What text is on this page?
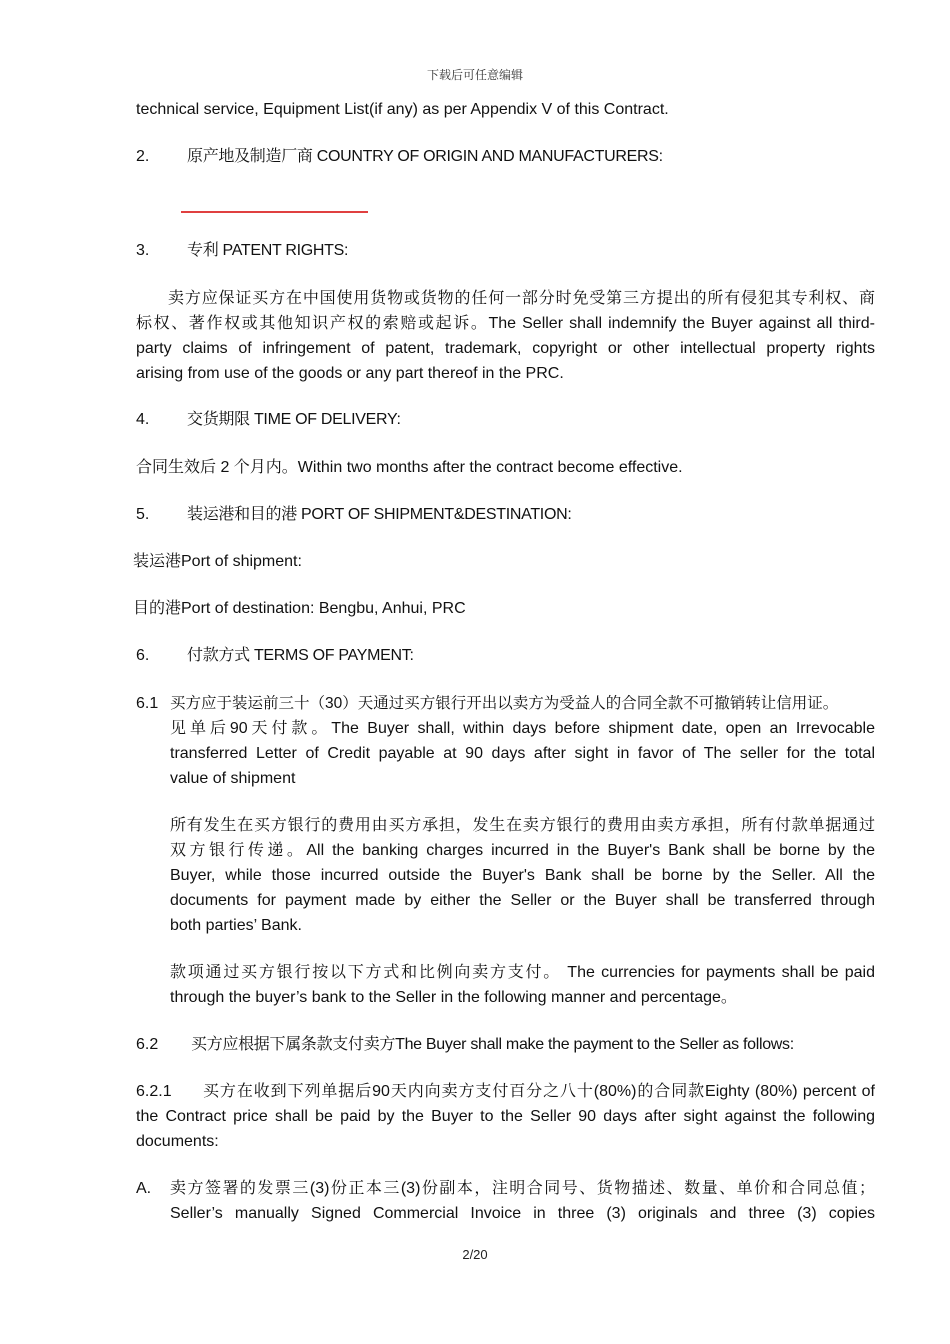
下载后可任意编辑
technical service, Equipment List(if any) as per Appendix V of this Contract.
2. 原产地及制造厂商 COUNTRY OF ORIGIN AND MANUFACTURERS:
3. 专利 PATENT RIGHTS:
卖方应保证买方在中国使用货物或货物的任何一部分时免受第三方提出的所有侵犯其专利权、商
标权、著作权或其他知识产权的索赔或起诉。The Seller shall indemnify the Buyer against all third-
party claims of infringement of patent, trademark, copyright or other intellectual property rights
arising from use of the goods or any part thereof in the PRC.
4. 交货期限 TIME OF DELIVERY:
合同生效后 2 个月内。Within two months after the contract become effective.
5. 装运港和目的港 PORT OF SHIPMENT&DESTINATION:
装运港Port of shipment:
目的港Port of destination: Bengbu, Anhui, PRC
6. 付款方式 TERMS OF PAYMENT:
6.1 买方应于装运前三十（30）天通过买方银行开出以卖方为受益人的合同全款不可撤销转让信用证。
见单后90天付款。The Buyer shall, within days before shipment date, open an Irrevocable
transferred Letter of Credit payable at 90 days after sight in favor of The seller for the total
value of shipment
所有发生在买方银行的费用由买方承担，发生在卖方银行的费用由卖方承担，所有付款单据通过
双方银行传递。All the banking charges incurred in the Buyer's Bank shall be borne by the
Buyer, while those incurred outside the Buyer's Bank shall be borne by the Seller. All the
documents for payment made by either the Seller or the Buyer shall be transferred through
both parties’ Bank.
款项通过买方银行按以下方式和比例向卖方支付。 The currencies for payments shall be paid
through the buyer’s bank to the Seller in the following manner and percentage。
6.2 买方应根据下属条款支付卖方The Buyer shall make the payment to the Seller as follows:
6.2.1 买方在收到下列单据后90天内向卖方支付百分之八十(80%)的合同款Eighty (80%) percent of
the Contract price shall be paid by the Buyer to the Seller 90 days after sight against the following
documents:
A. 卖方签署的发票三(3)份正本三(3)份副本，注明合同号、货物描述、数量、单价和合同总值；
Seller’s manually Signed Commercial Invoice in three (3) originals and three (3) copies
2/20
